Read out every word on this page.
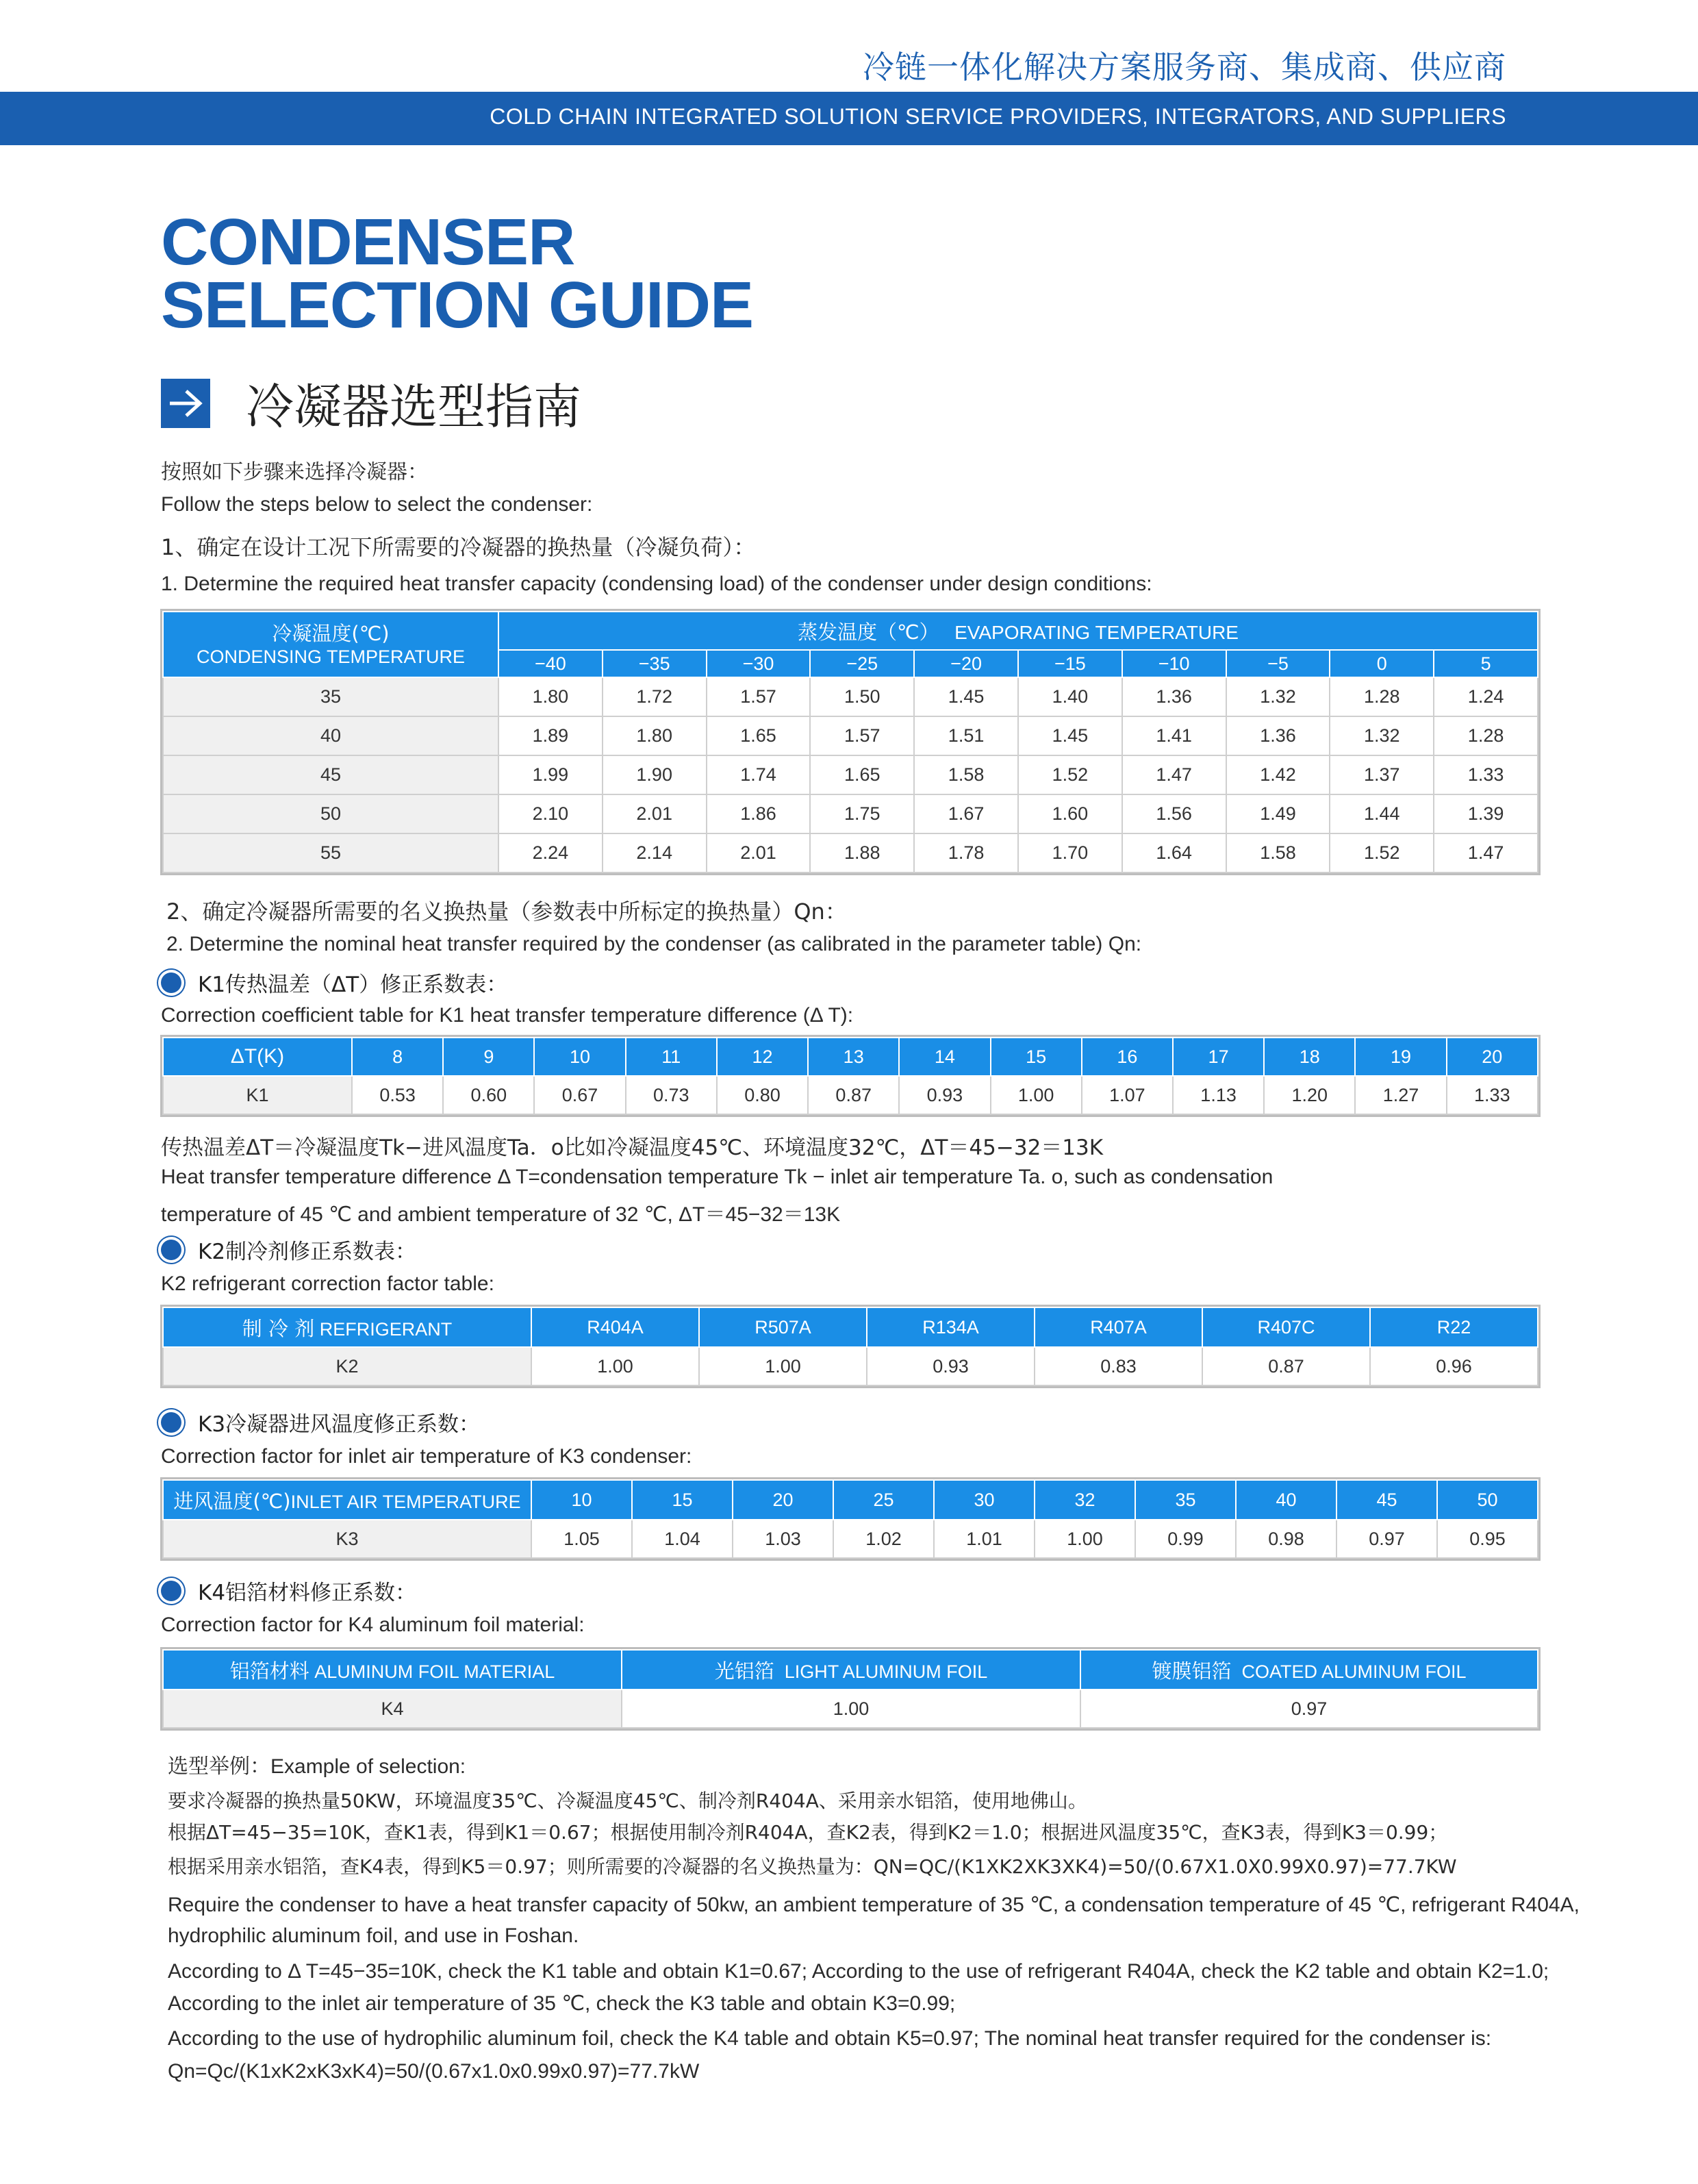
冷链一体化解决方案服务商、集成商、供应商
COLD CHAIN INTEGRATED SOLUTION SERVICE PROVIDERS, INTEGRATORS, AND SUPPLIERS
CONDENSER
SELECTION GUIDE
冷凝器选型指南
按照如下步骤来选择冷凝器：
Follow the steps below to select the condenser:
1、确定在设计工况下所需要的冷凝器的换热量（冷凝负荷）：
1. Determine the required heat transfer capacity (condensing load) of the condenser under design conditions:
冷凝温度(℃)
CONDENSING TEMPERATURE	蒸发温度（℃） EVAPORATING TEMPERATURE									
	−40	−35	−30	−25	−20	−15	−10	−5	0	5
35	1.80	1.72	1.57	1.50	1.45	1.40	1.36	1.32	1.28	1.24
40	1.89	1.80	1.65	1.57	1.51	1.45	1.41	1.36	1.32	1.28
45	1.99	1.90	1.74	1.65	1.58	1.52	1.47	1.42	1.37	1.33
50	2.10	2.01	1.86	1.75	1.67	1.60	1.56	1.49	1.44	1.39
55	2.24	2.14	2.01	1.88	1.78	1.70	1.64	1.58	1.52	1.47
2、确定冷凝器所需要的名义换热量（参数表中所标定的换热量）Qn：
2. Determine the nominal heat transfer required by the condenser (as calibrated in the parameter table) Qn:
K1传热温差（ΔT）修正系数表：
Correction coefficient table for K1 heat transfer temperature difference (Δ T):
ΔT(K)	8	9	10	11	12	13	14	15	16	17	18	19	20
K1	0.53	0.60	0.67	0.73	0.80	0.87	0.93	1.00	1.07	1.13	1.20	1.27	1.33
传热温差ΔT＝冷凝温度Tk−进风温度Ta．o比如冷凝温度45℃、环境温度32℃，ΔT＝45−32＝13K
Heat transfer temperature difference Δ T=condensation temperature Tk − inlet air temperature Ta. o, such as condensation
temperature of 45 ℃ and ambient temperature of 32 ℃, ΔT＝45−32＝13K
K2制冷剂修正系数表：
K2 refrigerant correction factor table:
制 冷 剂 REFRIGERANT	R404A	R507A	R134A	R407A	R407C	R22
K2	1.00	1.00	0.93	0.83	0.87	0.96
K3冷凝器进风温度修正系数：
Correction factor for inlet air temperature of K3 condenser:
进风温度(℃)INLET AIR TEMPERATURE	10	15	20	25	30	32	35	40	45	50
K3	1.05	1.04	1.03	1.02	1.01	1.00	0.99	0.98	0.97	0.95
K4铝箔材料修正系数：
Correction factor for K4 aluminum foil material:
铝箔材料 ALUMINUM FOIL MATERIAL	光铝箔 LIGHT ALUMINUM FOIL	镀膜铝箔 COATED ALUMINUM FOIL
K4	1.00	0.97
选型举例：Example of selection:
要求冷凝器的换热量50KW，环境温度35℃、冷凝温度45℃、制冷剂R404A、采用亲水铝箔，使用地佛山。
根据ΔT=45−35=10K，查K1表，得到K1＝0.67；根据使用制冷剂R404A，查K2表，得到K2＝1.0；根据进风温度35℃，查K3表，得到K3＝0.99；
根据采用亲水铝箔，查K4表，得到K5＝0.97；则所需要的冷凝器的名义换热量为：QN=QC/(K1XK2XK3XK4)=50/(0.67X1.0X0.99X0.97)=77.7KW
Require the condenser to have a heat transfer capacity of 50kw, an ambient temperature of 35 ℃, a condensation temperature of 45 ℃, refrigerant R404A,
hydrophilic aluminum foil, and use in Foshan.
According to Δ T=45−35=10K, check the K1 table and obtain K1=0.67; According to the use of refrigerant R404A, check the K2 table and obtain K2=1.0;
According to the inlet air temperature of 35 ℃, check the K3 table and obtain K3=0.99;
According to the use of hydrophilic aluminum foil, check the K4 table and obtain K5=0.97; The nominal heat transfer required for the condenser is:
Qn=Qc/(K1xK2xK3xK4)=50/(0.67x1.0x0.99x0.97)=77.7kW
